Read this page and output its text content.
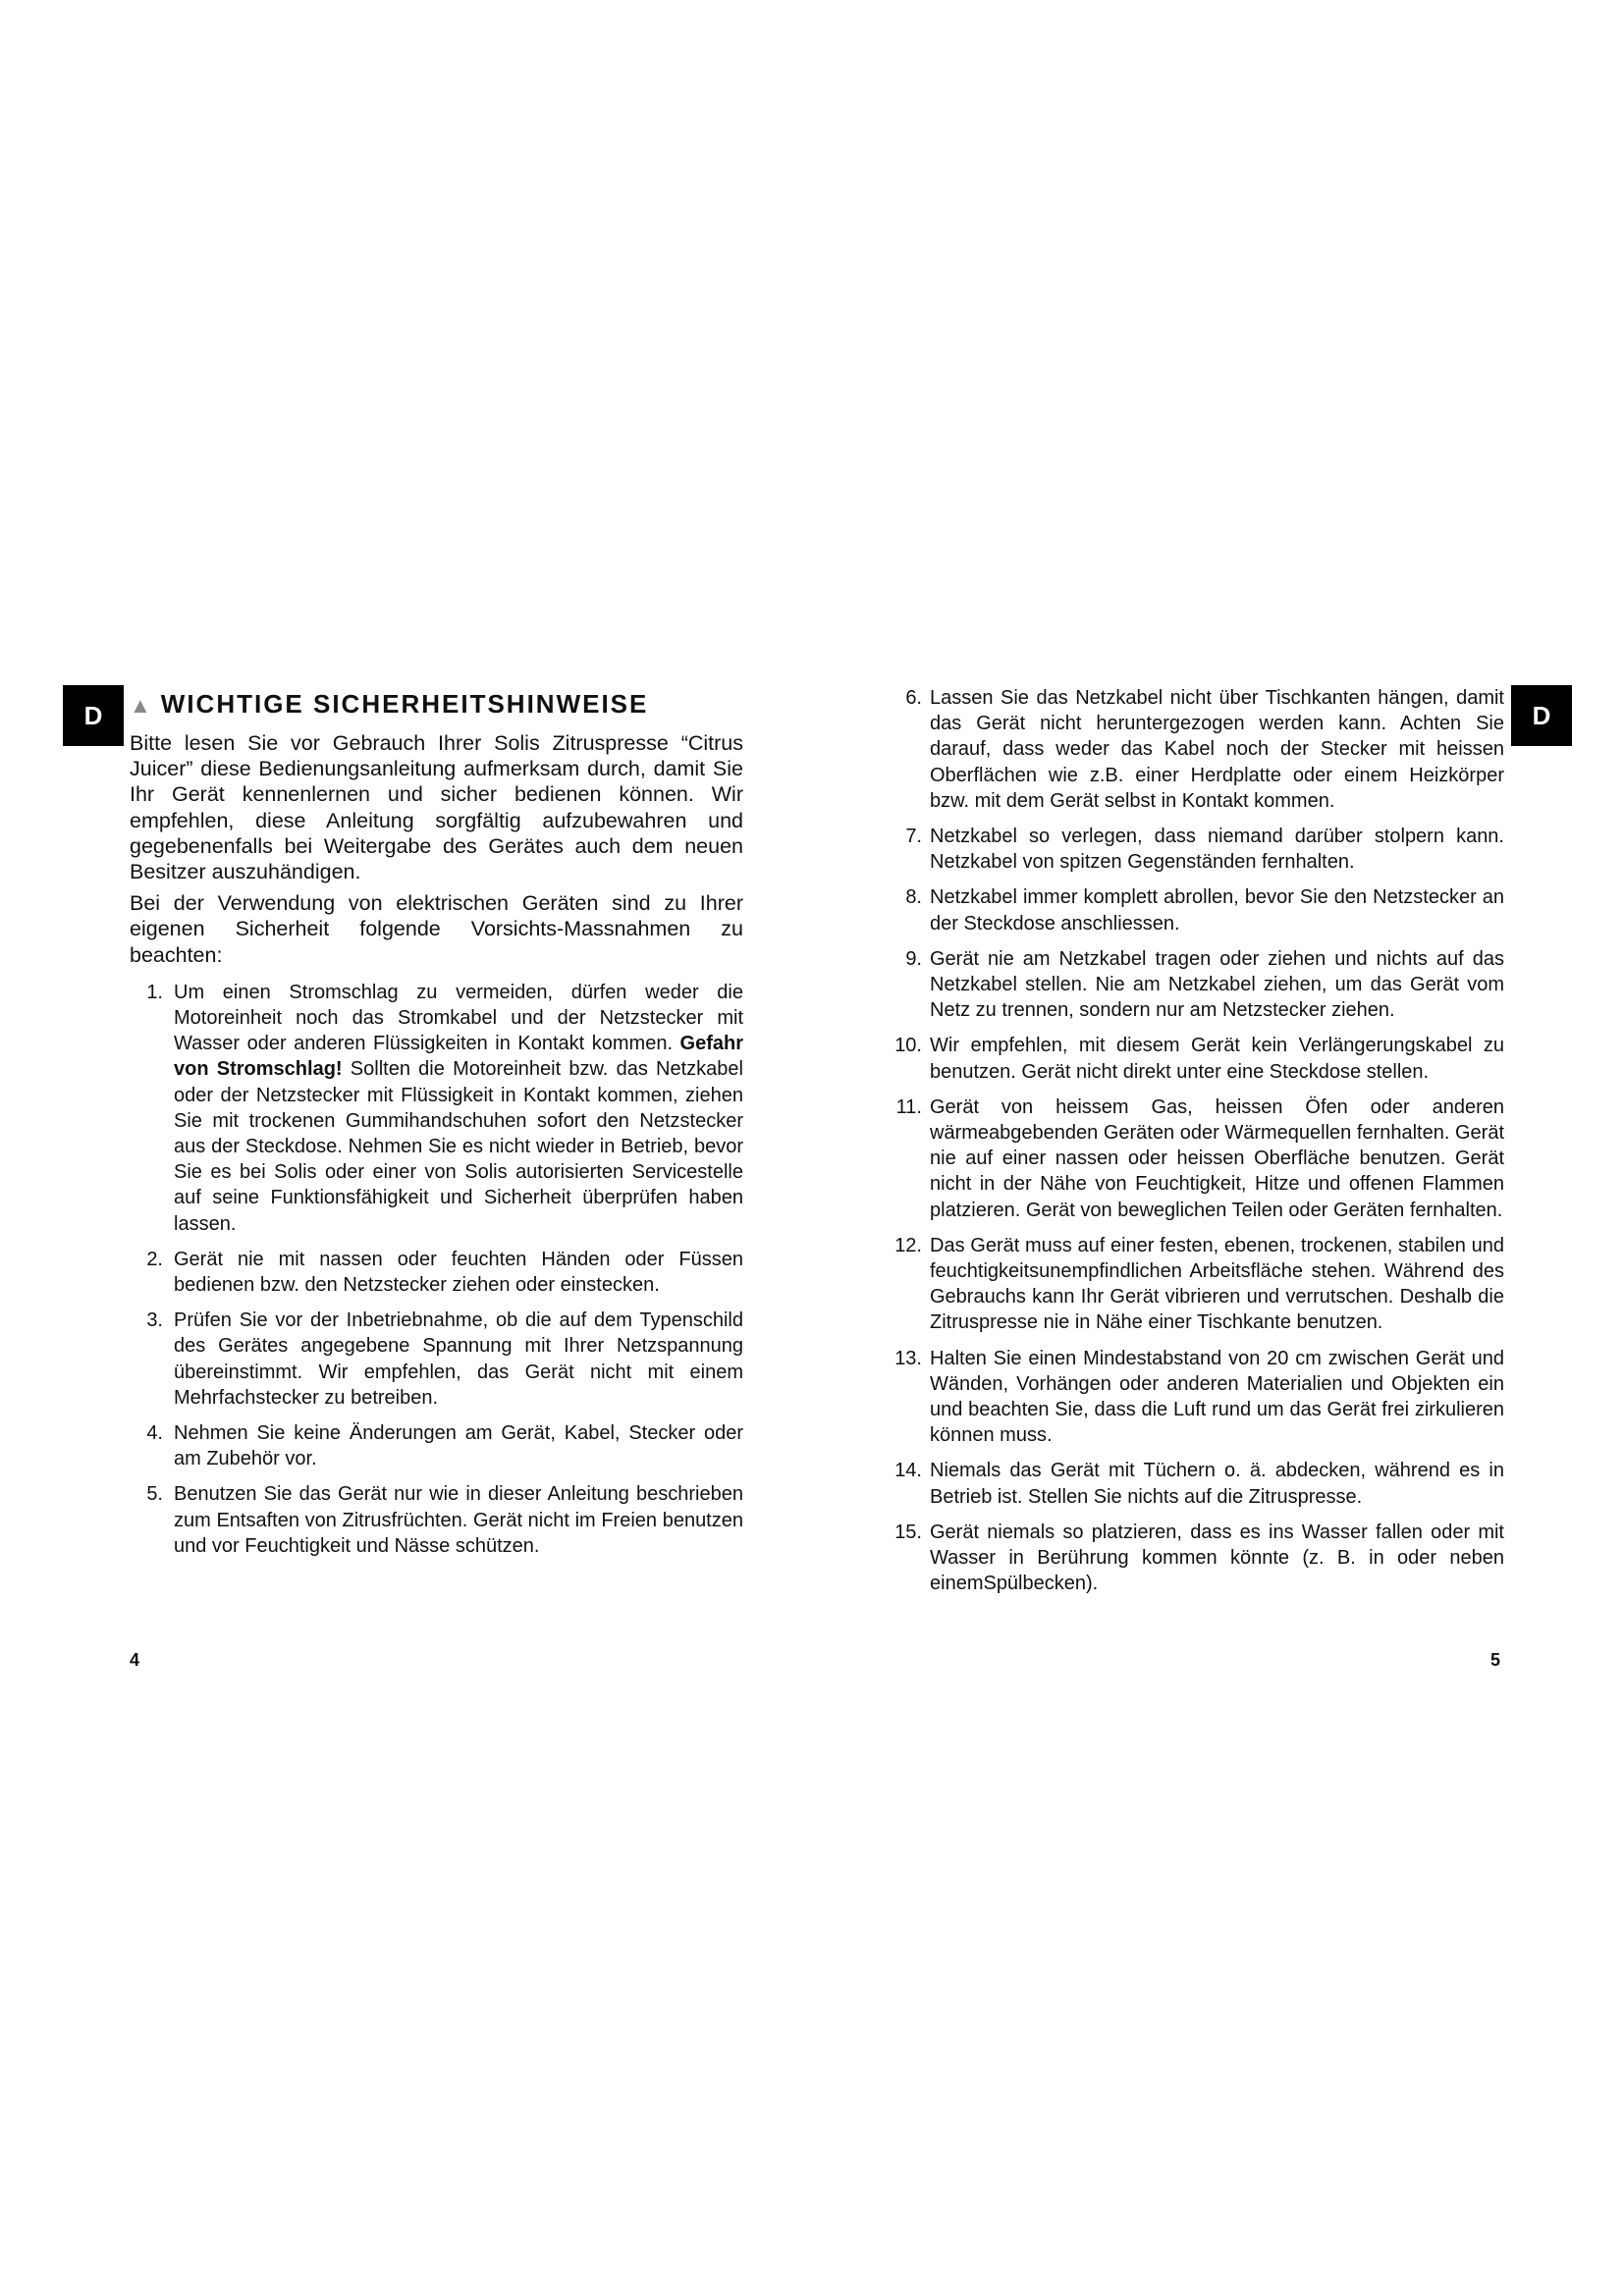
D	D
▲ WICHTIGE SICHERHEITSHINWEISE

Bitte lesen Sie vor Gebrauch Ihrer Solis Zitruspresse “Citrus Juicer” diese Bedienungsanleitung aufmerksam durch, damit Sie Ihr Gerät kennenlernen und sicher bedienen können. Wir empfehlen, diese Anleitung sorgfältig aufzubewahren und gegebenenfalls bei Weitergabe des Gerätes auch dem neuen Besitzer auszuhändigen.

Bei der Verwendung von elektrischen Geräten sind zu Ihrer eigenen Sicherheit folgende Vorsichts-Massnahmen zu beachten:

1. Um einen Stromschlag zu vermeiden, dürfen weder die Motoreinheit noch das Stromkabel und der Netzstecker mit Wasser oder anderen Flüssigkeiten in Kontakt kommen. Gefahr von Stromschlag! Sollten die Motoreinheit bzw. das Netzkabel oder der Netzstecker mit Flüssigkeit in Kontakt kommen, ziehen Sie mit trockenen Gummihandschuhen sofort den Netzstecker aus der Steckdose. Nehmen Sie es nicht wieder in Betrieb, bevor Sie es bei Solis oder einer von Solis autorisierten Servicestelle auf seine Funktionsfähigkeit und Sicherheit überprüfen haben lassen.
2. Gerät nie mit nassen oder feuchten Händen oder Füssen bedienen bzw. den Netzstecker ziehen oder einstecken.
3. Prüfen Sie vor der Inbetriebnahme, ob die auf dem Typenschild des Gerätes angegebene Spannung mit Ihrer Netzspannung übereinstimmt. Wir empfehlen, das Gerät nicht mit einem Mehrfachstecker zu betreiben.
4. Nehmen Sie keine Änderungen am Gerät, Kabel, Stecker oder am Zubehör vor.
5. Benutzen Sie das Gerät nur wie in dieser Anleitung beschrieben zum Entsaften von Zitrusfrüchten. Gerät nicht im Freien benutzen und vor Feuchtigkeit und Nässe schützen.
6. Lassen Sie das Netzkabel nicht über Tischkanten hängen, damit das Gerät nicht heruntergezogen werden kann. Achten Sie darauf, dass weder das Kabel noch der Stecker mit heissen Oberflächen wie z.B. einer Herdplatte oder einem Heizkörper bzw. mit dem Gerät selbst in Kontakt kommen.
7. Netzkabel so verlegen, dass niemand darüber stolpern kann. Netzkabel von spitzen Gegenständen fernhalten.
8. Netzkabel immer komplett abrollen, bevor Sie den Netzstecker an der Steckdose anschliessen.
9. Gerät nie am Netzkabel tragen oder ziehen und nichts auf das Netzkabel stellen. Nie am Netzkabel ziehen, um das Gerät vom Netz zu trennen, sondern nur am Netzstecker ziehen.
10. Wir empfehlen, mit diesem Gerät kein Verlängerungskabel zu benutzen. Gerät nicht direkt unter eine Steckdose stellen.
11. Gerät von heissem Gas, heissen Öfen oder anderen wärmeabgebenden Geräten oder Wärmequellen fernhalten. Gerät nie auf einer nassen oder heissen Oberfläche benutzen. Gerät nicht in der Nähe von Feuchtigkeit, Hitze und offenen Flammen platzieren. Gerät von beweglichen Teilen oder Geräten fernhalten.
12. Das Gerät muss auf einer festen, ebenen, trockenen, stabilen und feuchtigkeitsunempfindlichen Arbeitsfläche stehen. Während des Gebrauchs kann Ihr Gerät vibrieren und verrutschen. Deshalb die Zitruspresse nie in Nähe einer Tischkante benutzen.
13. Halten Sie einen Mindestabstand von 20 cm zwischen Gerät und Wänden, Vorhängen oder anderen Materialien und Objekten ein und beachten Sie, dass die Luft rund um das Gerät frei zirkulieren können muss.
14. Niemals das Gerät mit Tüchern o. ä. abdecken, während es in Betrieb ist. Stellen Sie nichts auf die Zitruspresse.
15. Gerät niemals so platzieren, dass es ins Wasser fallen oder mit Wasser in Berührung kommen könnte (z. B. in oder neben einemSpülbecken).
4	5
